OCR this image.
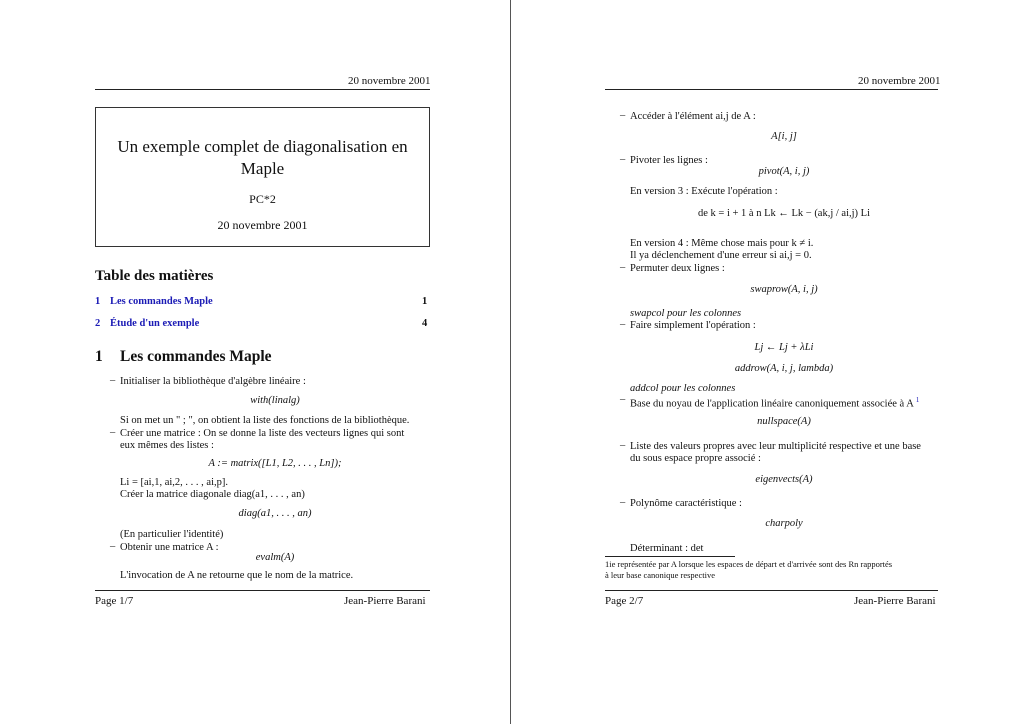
20 novembre 2001
Un exemple complet de diagonalisation en Maple
PC*2
20 novembre 2001
Table des matières
1 Les commandes Maple	1
2 Étude d'un exemple	4
1 Les commandes Maple
– Initialiser la bibliothèque d'algèbre linéaire :
with(linalg)
Si on met un " ; ", on obtient la liste des fonctions de la bibliothèque.
– Créer une matrice : On se donne la liste des vecteurs lignes qui sont
eux mêmes des listes :
A := matrix([L1, L2, . . . , Ln]);
Li = [ai,1, ai,2, . . . , ai,p].
Créer la matrice diagonale diag(a1, . . . , an)
diag(a1, . . . , an)
(En particulier l'identité)
– Obtenir une matrice A :
evalm(A)
L'invocation de A ne retourne que le nom de la matrice.
Page 1/7	Jean-Pierre Barani
20 novembre 2001
– Accéder à l'élément ai,j de A :
A[i, j]
– Pivoter les lignes :
pivot(A, i, j)
En version 3 : Exécute l'opération :
de k = i + 1 à n Lk ← Lk − (ak,j / ai,j) Li
En version 4 : Même chose mais pour k ≠ i.
Il ya déclenchement d'une erreur si ai,j = 0.
– Permuter deux lignes :
swaprow(A, i, j)
swapcol pour les colonnes
– Faire simplement l'opération :
Lj ← Lj + λLi
addrow(A, i, j, lambda)
addcol pour les colonnes
– Base du noyau de l'application linéaire canoniquement associée à A $^1$
nullspace(A)
– Liste des valeurs propres avec leur multiplicité respective et une base
du sous espace propre associé :
eigenvects(A)
– Polynôme caractéristique :
charpoly
Déterminant : det
1ie représentée par A lorsque les espaces de départ et d'arrivée sont des Rn rapportés
à leur base canonique respective
Page 2/7	Jean-Pierre Barani
